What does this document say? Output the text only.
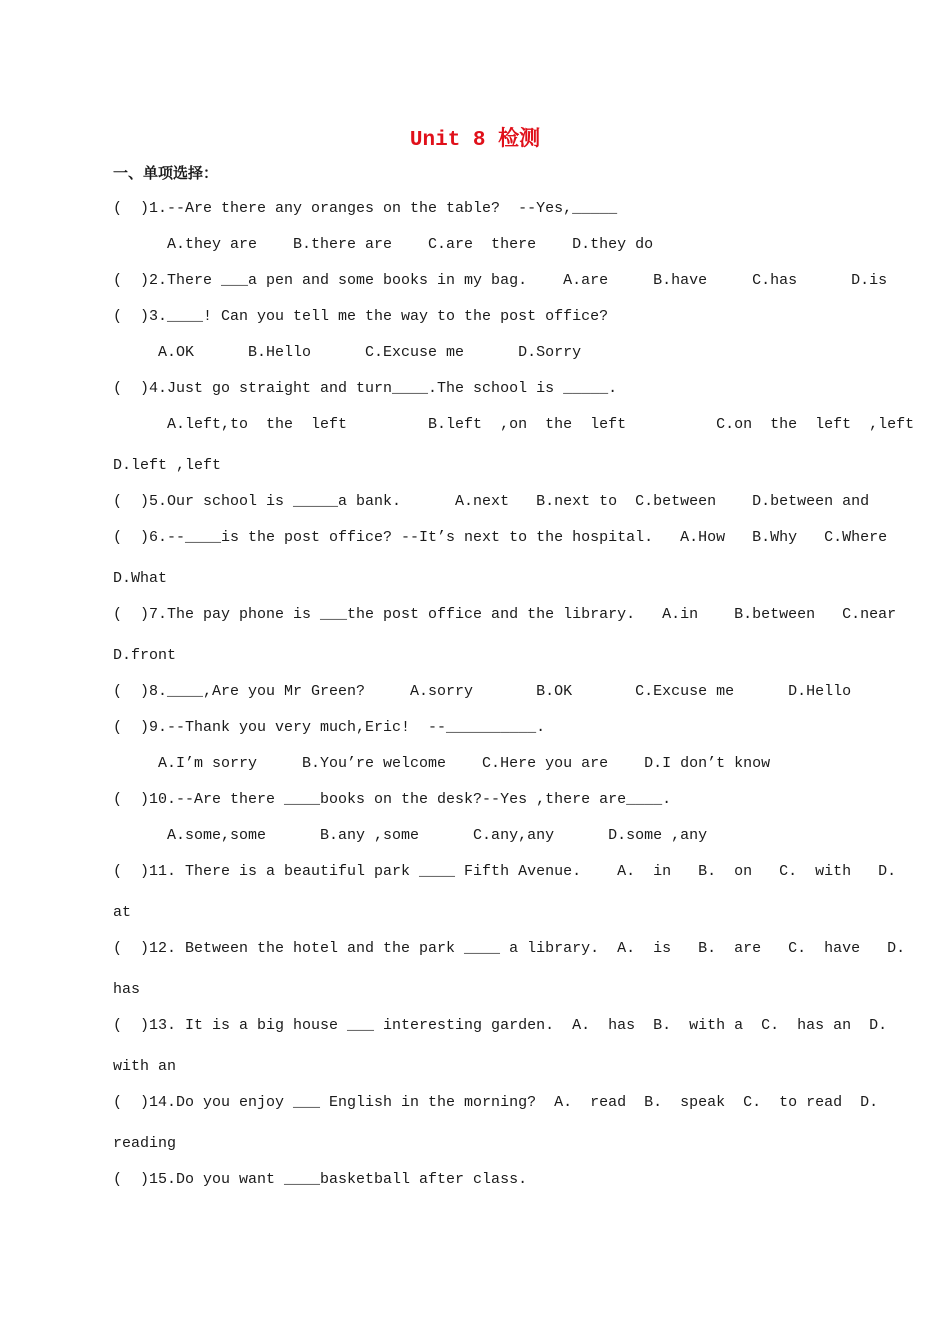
Unit 8 检测
一、单项选择：
(  )1.--Are there any oranges on the table?  --Yes,_____
A.they are    B.there are    C.are  there    D.they do
(  )2.There ___a pen and some books in my bag.    A.are     B.have     C.has      D.is
(  )3.____! Can you tell me the way to the post office?
A.OK      B.Hello      C.Excuse me      D.Sorry
(  )4.Just go straight and turn____.The school is _____.
A.left,to  the  left         B.left  ,on  the  left          C.on  the  left  ,left
D.left ,left
(  )5.Our school is _____a bank.      A.next   B.next to  C.between    D.between and
(  )6.--____is the post office? --It’s next to the hospital.   A.How   B.Why   C.Where
D.What
(  )7.The pay phone is ___the post office and the library.   A.in    B.between   C.near
D.front
(  )8.____,Are you Mr Green?     A.sorry       B.OK       C.Excuse me      D.Hello
(  )9.--Thank you very much,Eric!  --__________.
A.I’m sorry     B.You’re welcome    C.Here you are    D.I don’t know
(  )10.--Are there ____books on the desk?--Yes ,there are____.
A.some,some      B.any ,some      C.any,any      D.some ,any
(  )11. There is a beautiful park ____ Fifth Avenue.    A.  in   B.  on   C.  with   D.
at
(  )12. Between the hotel and the park ____ a library.  A.  is   B.  are   C.  have   D.
has
(  )13. It is a big house ___ interesting garden.  A.  has  B.  with a  C.  has an  D.
with an
(  )14.Do you enjoy ___ English in the morning?  A.  read  B.  speak  C.  to read  D.
reading
(  )15.Do you want ____basketball after class.
